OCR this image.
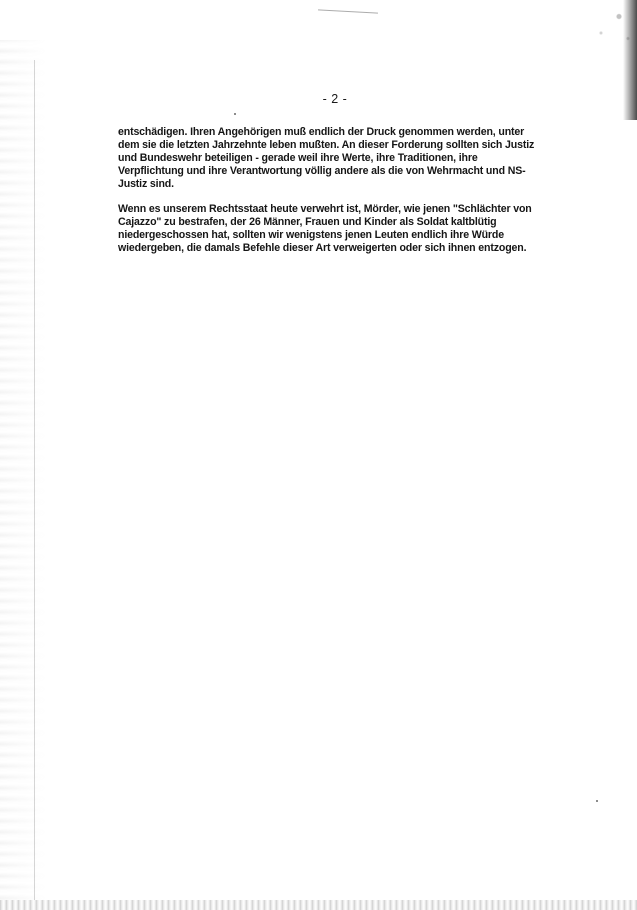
- 2 -

entschädigen. Ihren Angehörigen muß endlich der Druck genommen werden, unter
dem sie die letzten Jahrzehnte leben mußten. An dieser Forderung sollten sich Justiz
und Bundeswehr beteiligen - gerade weil ihre Werte, ihre Traditionen, ihre
Verpflichtung und ihre Verantwortung völlig andere als die von Wehrmacht und NS-
Justiz sind.

Wenn es unserem Rechtsstaat heute verwehrt ist, Mörder, wie jenen "Schlächter von
Cajazzo" zu bestrafen, der 26 Männer, Frauen und Kinder als Soldat kaltblütig
niedergeschossen hat, sollten wir wenigstens jenen Leuten endlich ihre Würde
wiedergeben, die damals Befehle dieser Art verweigerten oder sich ihnen entzogen.
